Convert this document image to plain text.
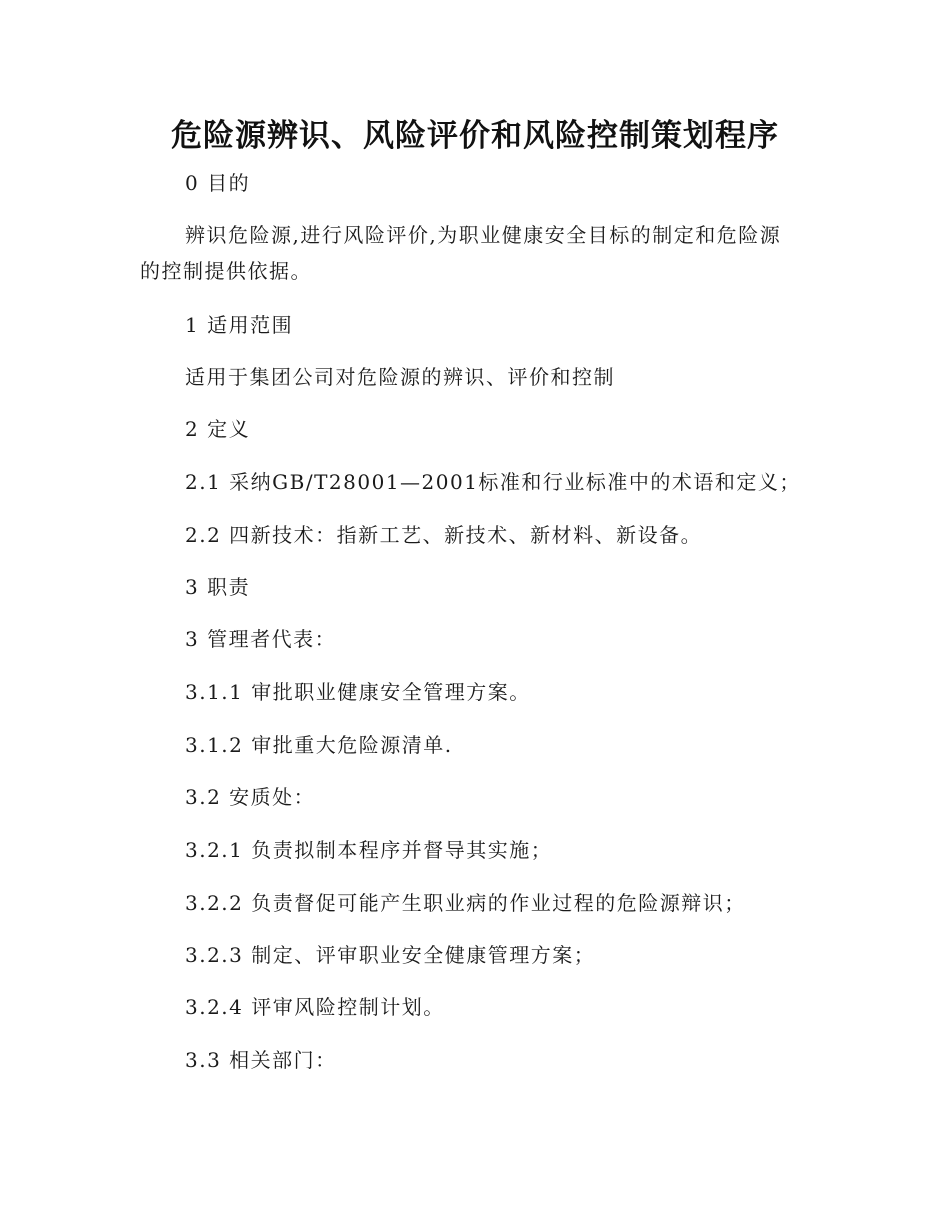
危险源辨识、风险评价和风险控制策划程序
0 目的
辨识危险源,进行风险评价,为职业健康安全目标的制定和危险源
的控制提供依据。
1 适用范围
适用于集团公司对危险源的辨识、评价和控制
2 定义
2.1 采纳GB/T28001—2001标准和行业标准中的术语和定义；
2.2 四新技术：指新工艺、新技术、新材料、新设备。
3 职责
3 管理者代表：
3.1.1 审批职业健康安全管理方案。
3.1.2 审批重大危险源清单.
3.2 安质处：
3.2.1 负责拟制本程序并督导其实施；
3.2.2 负责督促可能产生职业病的作业过程的危险源辩识；
3.2.3 制定、评审职业安全健康管理方案；
3.2.4 评审风险控制计划。
3.3 相关部门：
